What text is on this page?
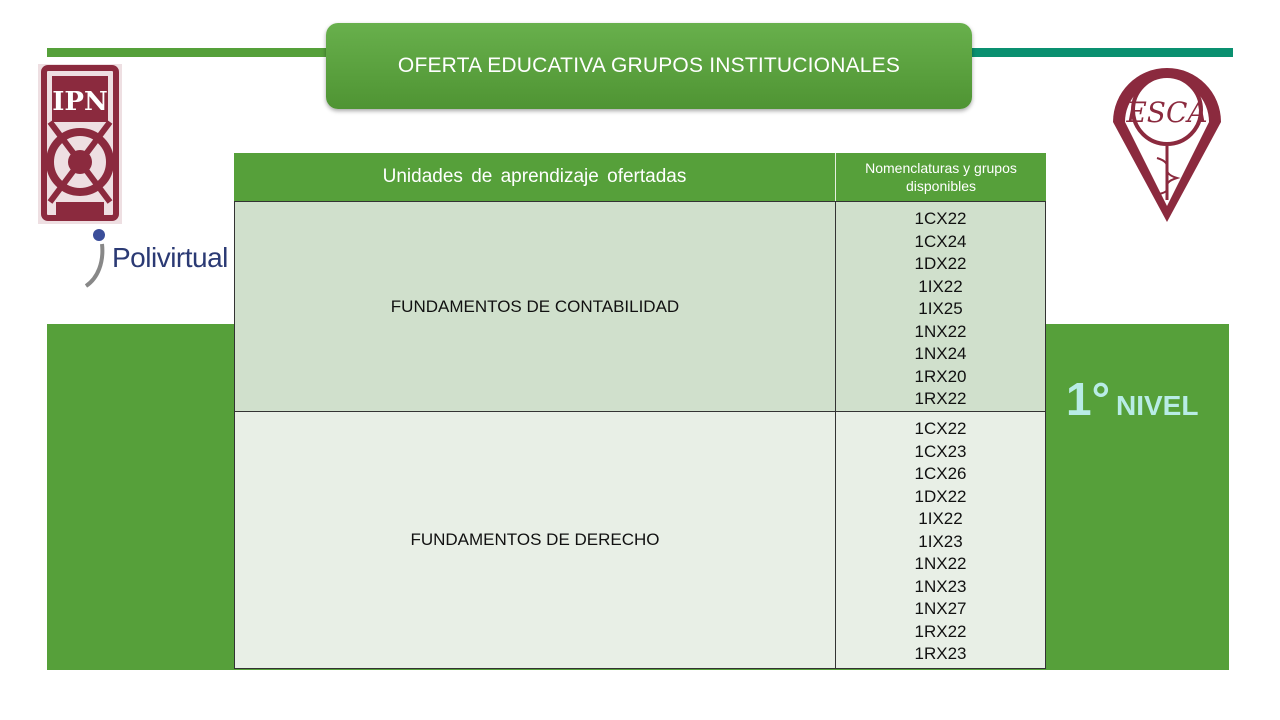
OFERTA EDUCATIVA GRUPOS INSTITUCIONALES
IPN
Polivirtual
ESCA
1° NIVEL
Unidades de aprendizaje ofertadas	Nomenclaturas y grupos disponibles
FUNDAMENTOS DE CONTABILIDAD
1CX22
1CX24
1DX22
1IX22
1IX25
1NX22
1NX24
1RX20
1RX22
FUNDAMENTOS DE DERECHO
1CX22
1CX23
1CX26
1DX22
1IX22
1IX23
1NX22
1NX23
1NX27
1RX22
1RX23
